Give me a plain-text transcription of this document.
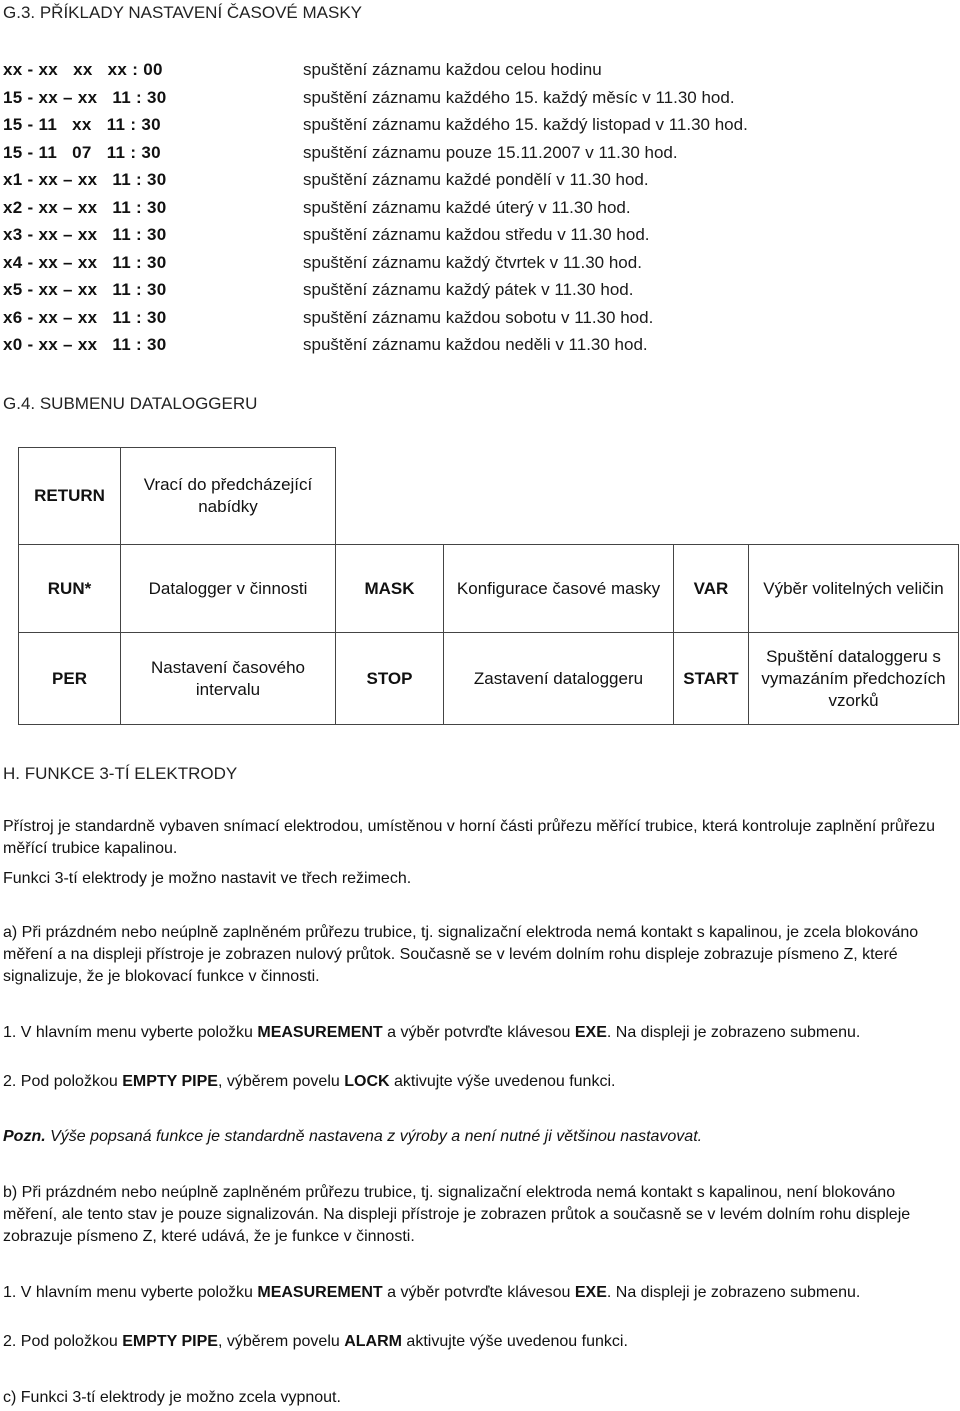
G.3. PŘÍKLADY NASTAVENÍ ČASOVÉ MASKY
xx - xx   xx   xx : 00	spuštění záznamu každou celou hodinu
15 - xx – xx   11 : 30	spuštění záznamu každého 15. každý měsíc v 11.30 hod.
15 - 11   xx   11 : 30	spuštění záznamu každého 15. každý listopad v 11.30 hod.
15 - 11   07   11 : 30	spuštění záznamu pouze 15.11.2007 v 11.30 hod.
x1 - xx – xx   11 : 30	spuštění záznamu každé pondělí v 11.30 hod.
x2 - xx – xx   11 : 30	spuštění záznamu každé úterý v 11.30 hod.
x3 - xx – xx   11 : 30	spuštění záznamu každou středu v 11.30 hod.
x4 - xx – xx   11 : 30	spuštění záznamu každý čtvrtek v 11.30 hod.
x5 - xx – xx   11 : 30	spuštění záznamu každý pátek v 11.30 hod.
x6 - xx – xx   11 : 30	spuštění záznamu každou sobotu v 11.30 hod.
x0 - xx – xx   11 : 30	spuštění záznamu každou neděli v 11.30 hod.
G.4. SUBMENU DATALOGGERU
RETURN	Vrací do předcházející nabídky				
RUN*	Datalogger v činnosti	MASK	Konfigurace časové masky	VAR	Výběr volitelných veličin
PER	Nastavení časového intervalu	STOP	Zastavení dataloggeru	START	Spuštění dataloggeru s vymazáním předchozích vzorků
H. FUNKCE 3-TÍ ELEKTRODY
Přístroj je standardně vybaven snímací elektrodou, umístěnou v horní části průřezu měřící trubice, která kontroluje zaplnění průřezu měřící trubice kapalinou.
Funkci 3-tí elektrody je možno nastavit ve třech režimech.
a) Při prázdném nebo neúplně zaplněném průřezu trubice, tj. signalizační elektroda nemá kontakt s kapalinou, je zcela blokováno měření a na displeji přístroje je zobrazen nulový průtok. Současně se v levém dolním rohu displeje zobrazuje písmeno Z, které signalizuje, že je blokovací funkce v činnosti.
1. V hlavním menu vyberte položku MEASUREMENT a výběr potvrďte klávesou EXE. Na displeji je zobrazeno submenu.
2. Pod položkou EMPTY PIPE, výběrem povelu LOCK aktivujte výše uvedenou funkci.
Pozn. Výše popsaná funkce je standardně nastavena z výroby a není nutné ji většinou nastavovat.
b) Při prázdném nebo neúplně zaplněném průřezu trubice, tj. signalizační elektroda nemá kontakt s kapalinou, není blokováno měření, ale tento stav je pouze signalizován. Na displeji přístroje je zobrazen průtok a současně se v levém dolním rohu displeje zobrazuje písmeno Z, které udává, že je funkce v činnosti.
1. V hlavním menu vyberte položku MEASUREMENT a výběr potvrďte klávesou EXE. Na displeji je zobrazeno submenu.
2. Pod položkou EMPTY PIPE, výběrem povelu ALARM aktivujte výše uvedenou funkci.
c) Funkci 3-tí elektrody je možno zcela vypnout.
